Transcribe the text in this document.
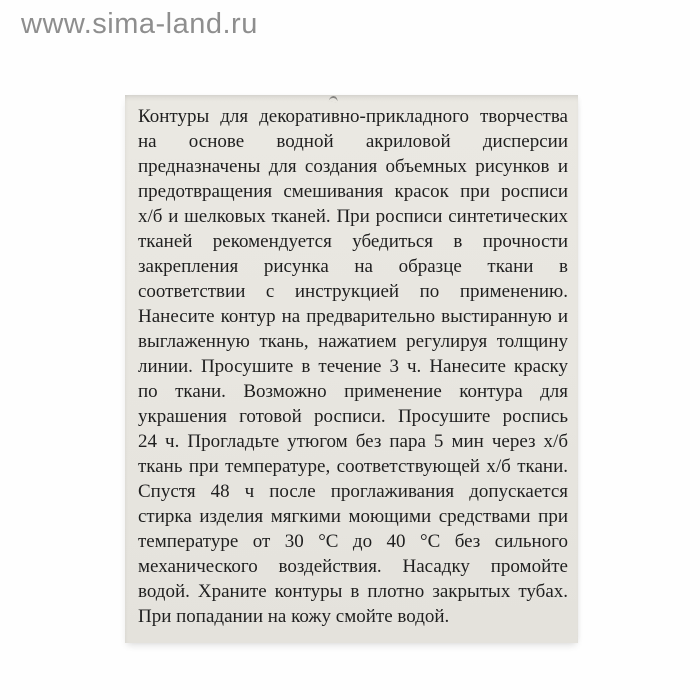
www.sima-land.ru
Контуры для декоративно-прикладного творчества
на основе водной акриловой дисперсии
предназначены для создания объемных рисунков и
предотвращения смешивания красок при росписи
х/б и шелковых тканей. При росписи синтетических
тканей рекомендуется убедиться в прочности
закрепления рисунка на образце ткани в
соответствии с инструкцией по применению.
Нанесите контур на предварительно выстиранную и
выглаженную ткань, нажатием регулируя толщину
линии. Просушите в течение 3 ч. Нанесите краску
по ткани. Возможно применение контура для
украшения готовой росписи. Просушите роспись
24 ч. Прогладьте утюгом без пара 5 мин через х/б
ткань при температуре, соответствующей х/б ткани.
Спустя 48 ч после проглаживания допускается
стирка изделия мягкими моющими средствами при
температуре от 30 °С до 40 °С без сильного
механического воздействия. Насадку промойте
водой. Храните контуры в плотно закрытых тубах.
При попадании на кожу смойте водой.
